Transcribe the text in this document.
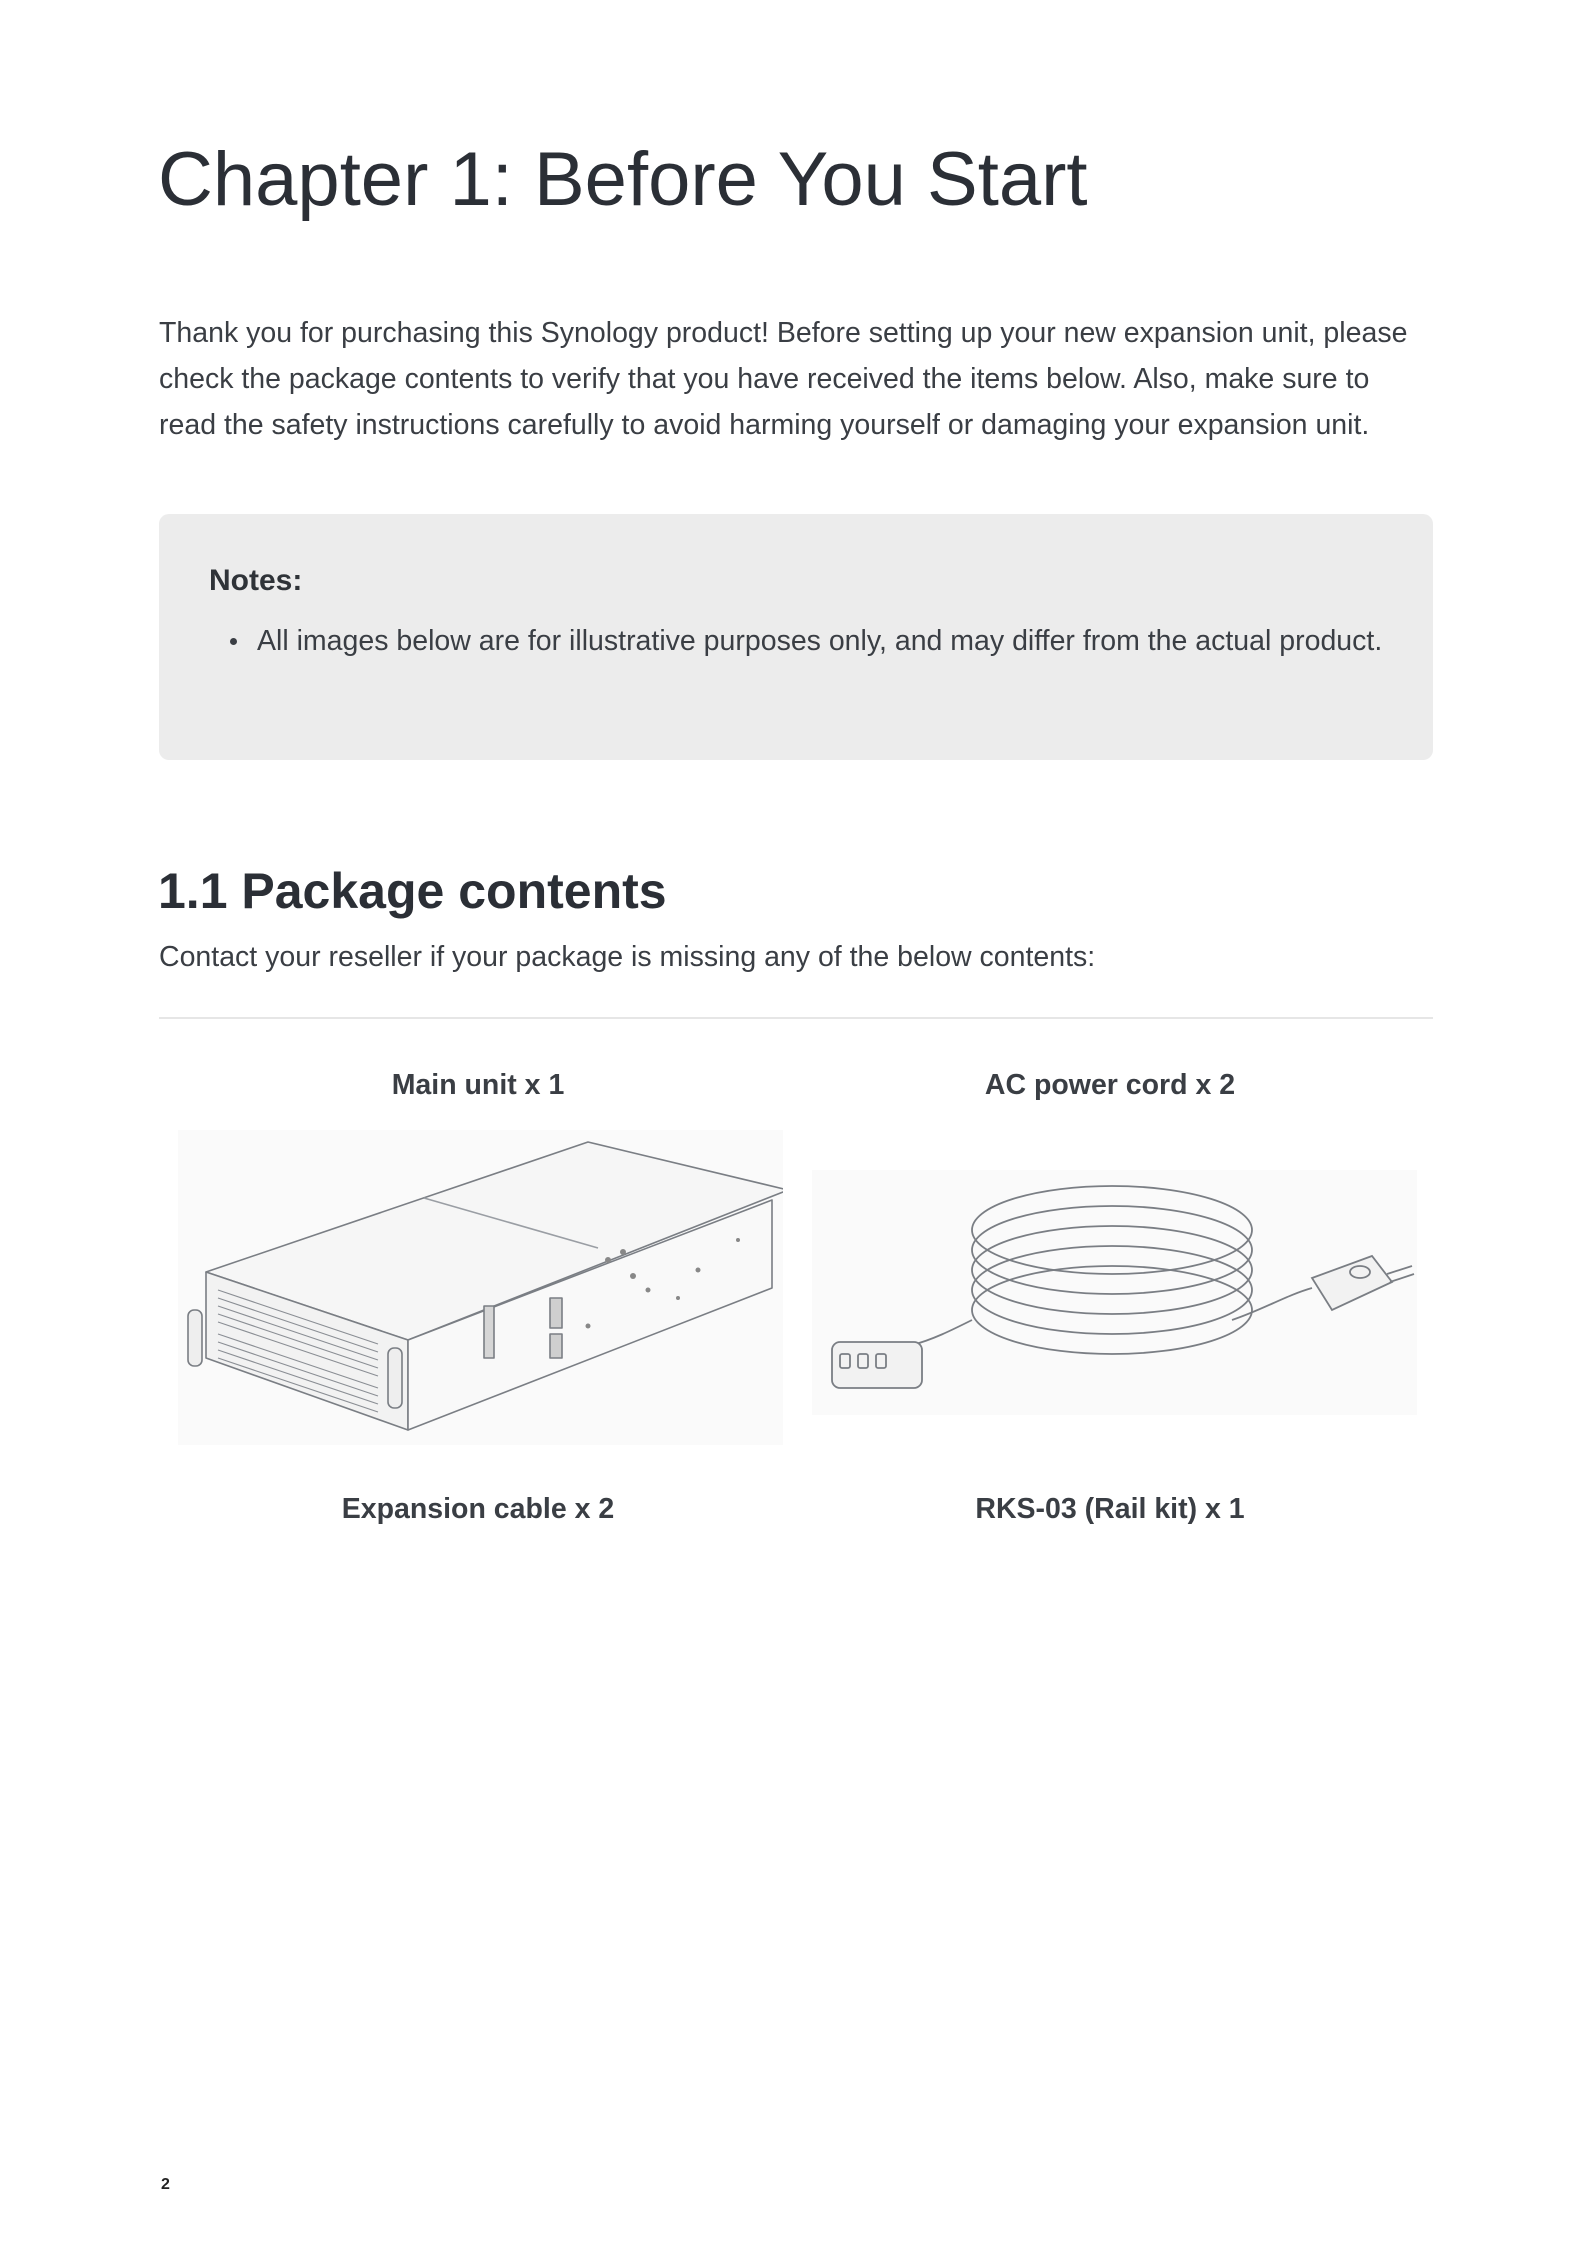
Chapter 1: Before You Start

Thank you for purchasing this Synology product! Before setting up your new expansion unit, please check the package contents to verify that you have received the items below. Also, make sure to read the safety instructions carefully to avoid harming yourself or damaging your expansion unit.

Notes:

All images below are for illustrative purposes only, and may differ from the actual product.
1.1 Package contents

Contact your reseller if your package is missing any of the below contents:

Main unit x 1	AC power cord x 2

Expansion cable x 2	RKS-03 (Rail kit) x 1

2
